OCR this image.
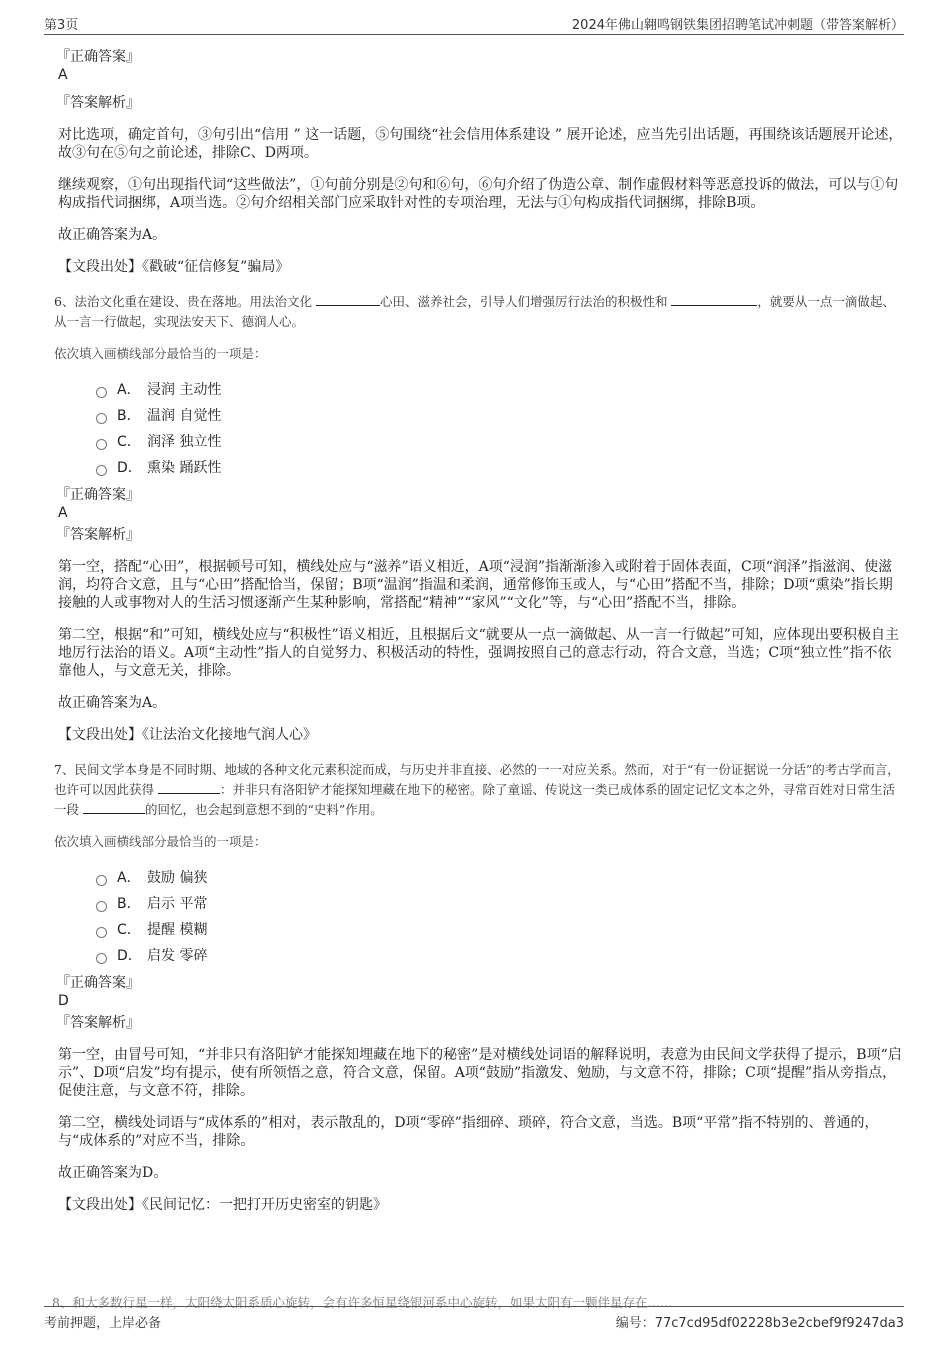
第3页	2024年佛山翱鸣钢铁集团招聘笔试冲刺题（带答案解析）
『正确答案』
A
『答案解析』
对比选项，确定首句，③句引出“信用 ” 这一话题，⑤句围绕“社会信用体系建设 ” 展开论述，应当先引出话题，再围绕该话题展开论述，故③句在⑤句之前论述，排除C、D两项。
继续观察，①句出现指代词“这些做法”，①句前分别是②句和⑥句，⑥句介绍了伪造公章、制作虚假材料等恶意投诉的做法，可以与①句构成指代词捆绑，A项当选。②句介绍相关部门应采取针对性的专项治理，无法与①句构成指代词捆绑，排除B项。
故正确答案为A。
【文段出处】《戳破“征信修复”骗局》
6、法治文化重在建设、贵在落地。用法治文化	心田、滋养社会，引导人们增强厉行法治的积极性和	，就要从一点一滴做起、从一言一行做起，实现法安天下、德润人心。
依次填入画横线部分最恰当的一项是：
A． 浸润 主动性
B． 温润 自觉性
C． 润泽 独立性
D． 熏染 踊跃性
『正确答案』
A
『答案解析』
第一空，搭配“心田”，根据顿号可知，横线处应与“滋养”语义相近，A项“浸润”指渐渐渗入或附着于固体表面，C项“润泽”指滋润、使滋润，均符合文意，且与“心田”搭配恰当，保留；B项“温润”指温和柔润，通常修饰玉或人，与“心田”搭配不当，排除；D项“熏染”指长期接触的人或事物对人的生活习惯逐渐产生某种影响，常搭配“精神”“家风”“文化”等，与“心田”搭配不当，排除。
第二空，根据“和”可知，横线处应与“积极性”语义相近，且根据后文“就要从一点一滴做起、从一言一行做起”可知，应体现出要积极自主地厉行法治的语义。A项“主动性”指人的自觉努力、积极活动的特性，强调按照自己的意志行动，符合文意，当选；C项“独立性”指不依靠他人，与文意无关，排除。
故正确答案为A。
【文段出处】《让法治文化接地气润人心》
7、民间文学本身是不同时期、地域的各种文化元素积淀而成，与历史并非直接、必然的一一对应关系。然而，对于“有一份证据说一分话”的考古学而言，也许可以因此获得	：并非只有洛阳铲才能探知埋藏在地下的秘密。除了童谣、传说这一类已成体系的固定记忆文本之外，寻常百姓对日常生活一段	的回忆，也会起到意想不到的“史料”作用。
依次填入画横线部分最恰当的一项是：
A． 鼓励 偏狭
B． 启示 平常
C． 提醒 模糊
D． 启发 零碎
『正确答案』
D
『答案解析』
第一空，由冒号可知，“并非只有洛阳铲才能探知埋藏在地下的秘密”是对横线处词语的解释说明，表意为由民间文学获得了提示，B项“启示”、D项“启发”均有提示，使有所领悟之意，符合文意，保留。A项“鼓励”指激发、勉励，与文意不符，排除；C项“提醒”指从旁指点，促使注意，与文意不符，排除。
第二空，横线处词语与“成体系的”相对，表示散乱的，D项“零碎”指细碎、琐碎，符合文意，当选。B项“平常”指不特别的、普通的，与“成体系的”对应不当，排除。
故正确答案为D。
【文段出处】《民间记忆：一把打开历史密室的钥匙》
8、和大多数行星一样，太阳绕太阳系质心旋转，会有许多恒星绕银河系中心旋转，如果太阳有一颗伴星存在……
考前押题，上岸必备	编号：77c7cd95df02228b3e2cbef9f9247da3
